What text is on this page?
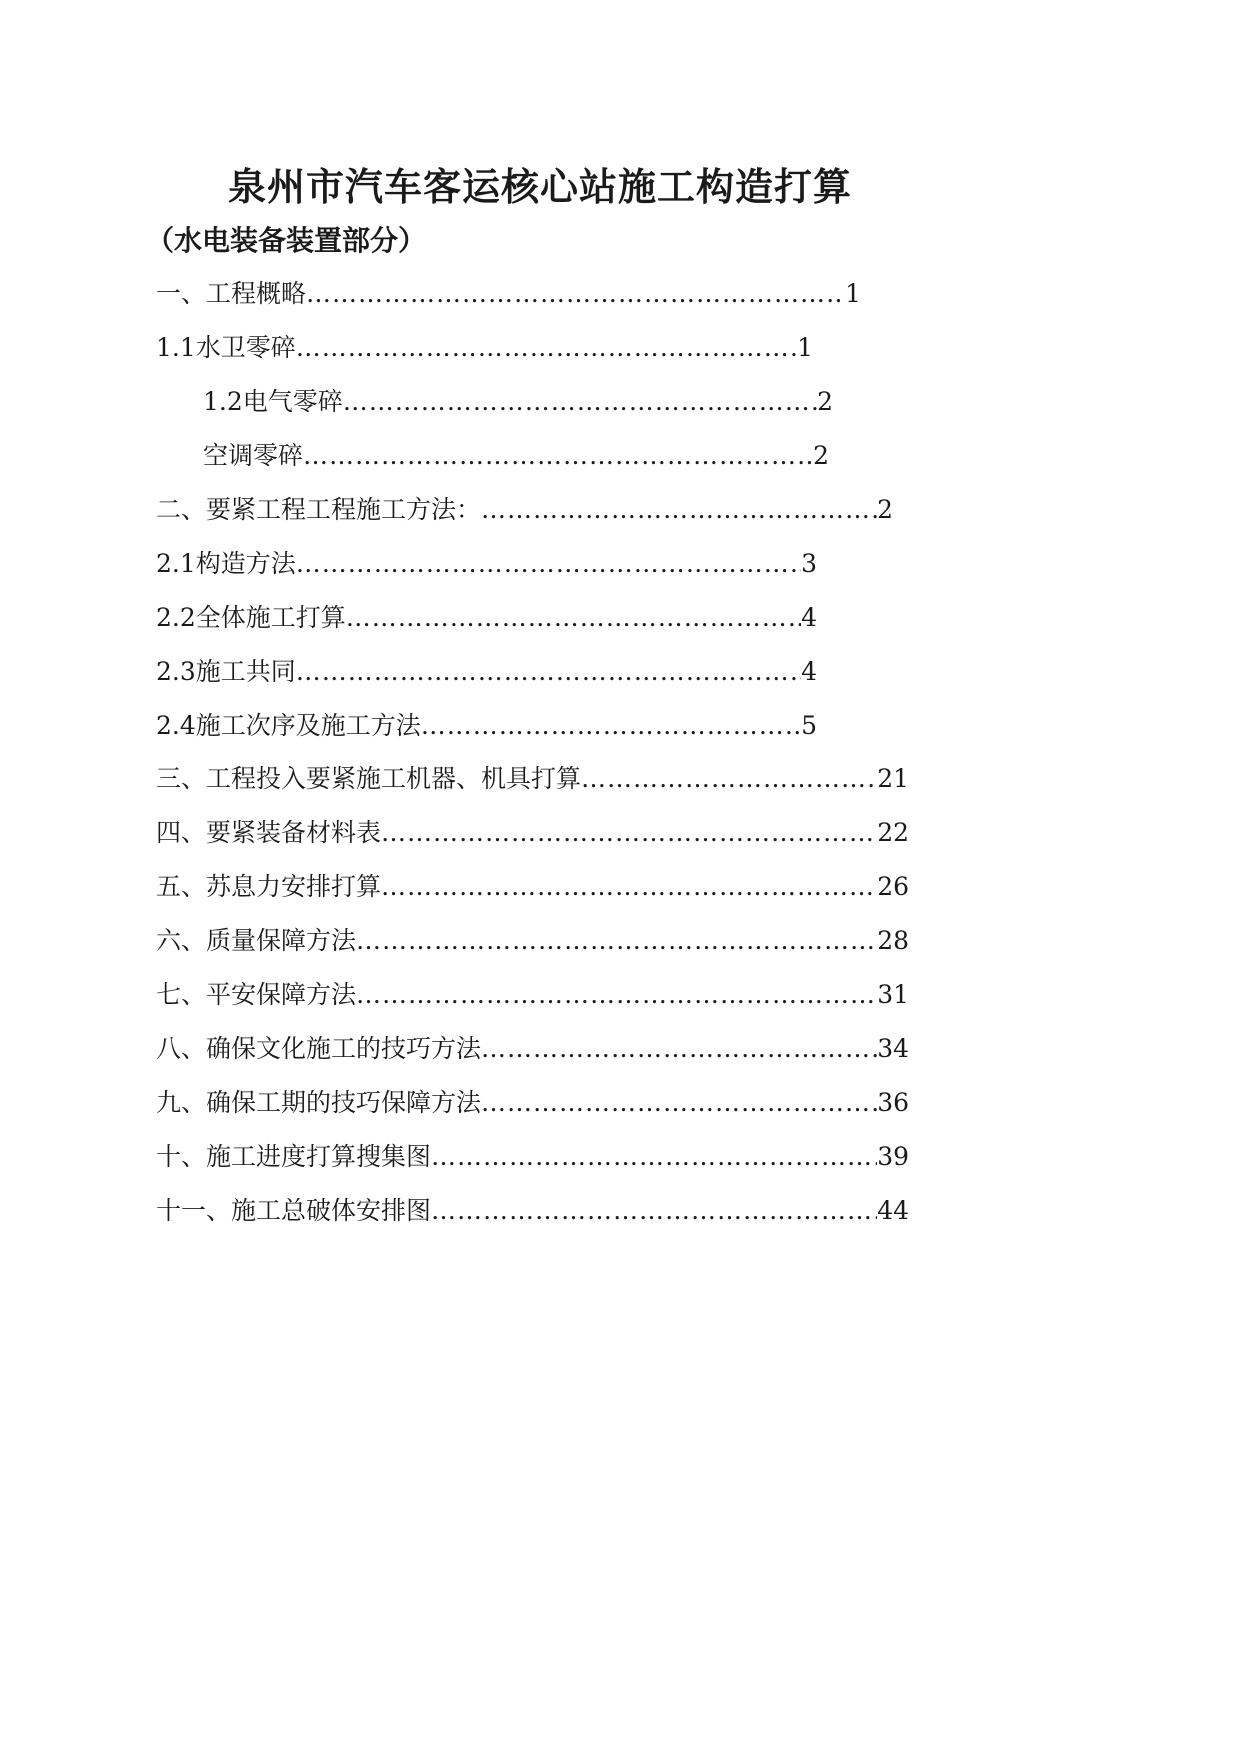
泉州市汽车客运核心站施工构造打算
（水电装备装置部分）
一、工程概略 ……………………………………………………………………………………………………………………………	1
1.1水卫零碎 ……………………………………………………………………………………………………………………………	1
1.2电气零碎 ……………………………………………………………………………………………………………………………	2
空调零碎 ……………………………………………………………………………………………………………………………	2
二、要紧工程工程施工方法： ……………………………………………………………………………………………………………………………	2
2.1构造方法 ……………………………………………………………………………………………………………………………	3
2.2全体施工打算 ……………………………………………………………………………………………………………………………	4
2.3施工共同 ……………………………………………………………………………………………………………………………	4
2.4施工次序及施工方法 ……………………………………………………………………………………………………………………………	5
三、工程投入要紧施工机器、机具打算 ……………………………………………………………………………………………………………………………	21
四、要紧装备材料表 ……………………………………………………………………………………………………………………………	22
五、苏息力安排打算 ……………………………………………………………………………………………………………………………	26
六、质量保障方法 ……………………………………………………………………………………………………………………………	28
七、平安保障方法 ……………………………………………………………………………………………………………………………	31
八、确保文化施工的技巧方法 ……………………………………………………………………………………………………………………………	34
九、确保工期的技巧保障方法 ……………………………………………………………………………………………………………………………	36
十、施工进度打算搜集图 ……………………………………………………………………………………………………………………………	39
十一、施工总破体安排图 ……………………………………………………………………………………………………………………………	44
